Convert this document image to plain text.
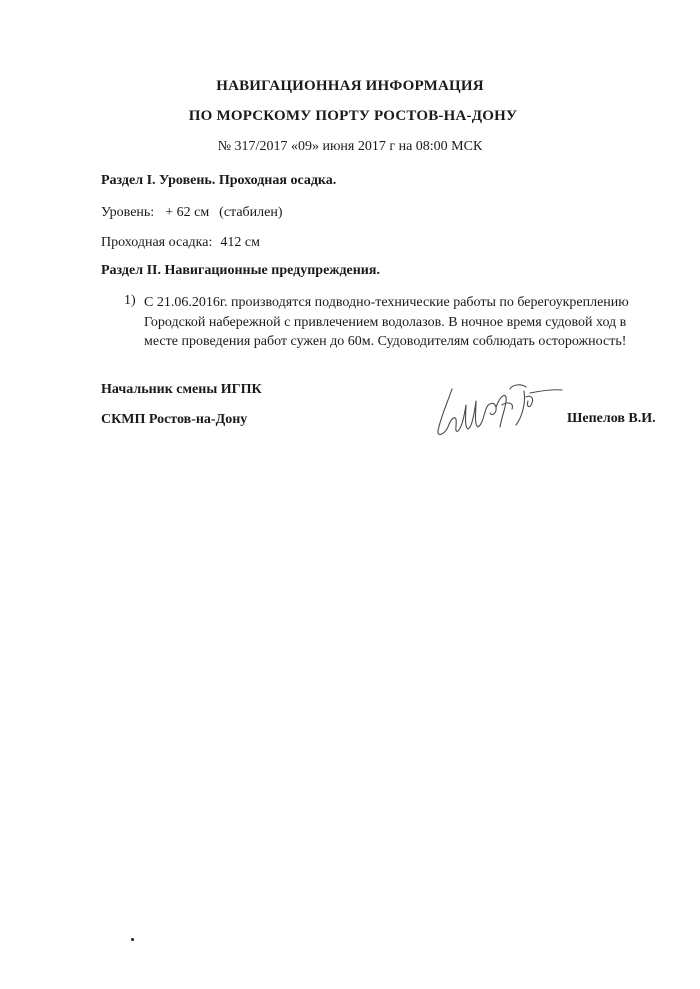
НАВИГАЦИОННАЯ ИНФОРМАЦИЯ
ПО МОРСКОМУ ПОРТУ РОСТОВ-НА-ДОНУ
№ 317/2017 «09» июня 2017 г на 08:00 МСК
Раздел I. Уровень. Проходная осадка.
Уровень: + 62 см (стабилен)
Проходная осадка: 412 см
Раздел II. Навигационные предупреждения.
1) С 21.06.2016г. производятся подводно-технические работы по берегоукреплению Городской набережной с привлечением водолазов. В ночное время судовой ход в месте проведения работ сужен до 60м. Судоводителям соблюдать осторожность!
Начальник смены ИГПК
СКМП Ростов-на-Дону	Шепелов В.И.
